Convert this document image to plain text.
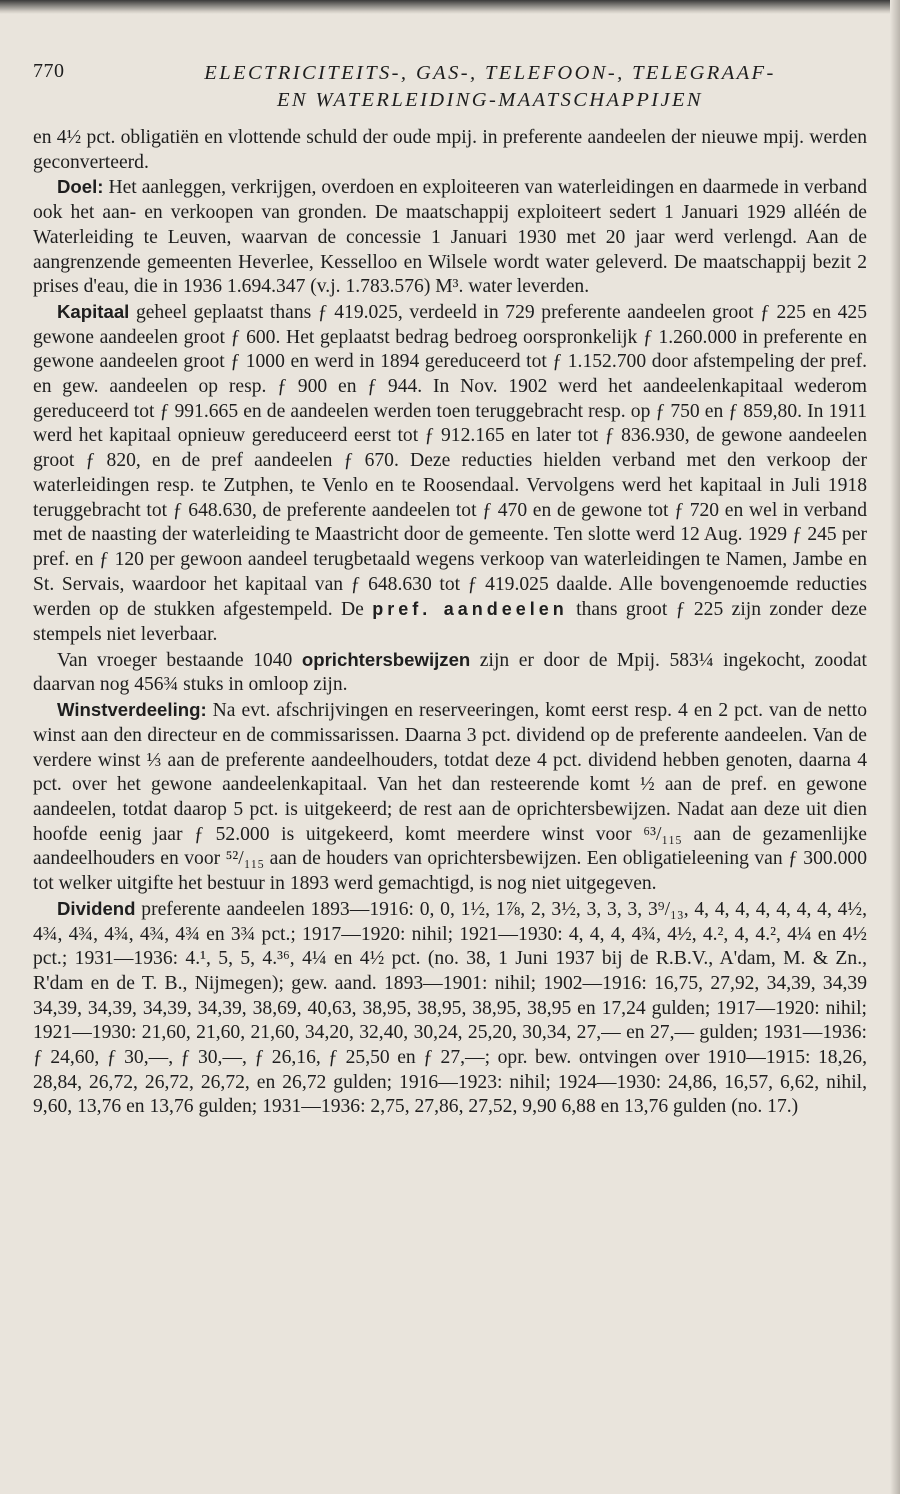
770	ELECTRICITEITS-, GAS-, TELEFOON-, TELEGRAAF-
EN WATERLEIDING-MAATSCHAPPIJEN

en 4½ pct. obligatiën en vlottende schuld der oude mpij. in preferente aandeelen der nieuwe mpij. werden geconverteerd.

Doel: Het aanleggen, verkrijgen, overdoen en exploiteeren van waterleidingen en daarmede in verband ook het aan- en verkoopen van gronden. De maatschappij exploiteert sedert 1 Januari 1929 alléén de Waterleiding te Leuven, waarvan de concessie 1 Januari 1930 met 20 jaar werd verlengd. Aan de aangrenzende gemeenten Heverlee, Kesselloo en Wilsele wordt water geleverd. De maatschappij bezit 2 prises d'eau, die in 1936 1.694.347 (v.j. 1.783.576) M³. water leverden.

Kapitaal geheel geplaatst thans ƒ 419.025, verdeeld in 729 preferente aandeelen groot ƒ 225 en 425 gewone aandeelen groot ƒ 600. Het geplaatst bedrag bedroeg oorspronkelijk ƒ 1.260.000 in preferente en gewone aandeelen groot ƒ 1000 en werd in 1894 gereduceerd tot ƒ 1.152.700 door afstempeling der pref. en gew. aandeelen op resp. ƒ 900 en ƒ 944. In Nov. 1902 werd het aandeelenkapitaal wederom gereduceerd tot ƒ 991.665 en de aandeelen werden toen teruggebracht resp. op ƒ 750 en ƒ 859,80. In 1911 werd het kapitaal opnieuw gereduceerd eerst tot ƒ 912.165 en later tot ƒ 836.930, de gewone aandeelen groot ƒ 820, en de pref aandeelen ƒ 670. Deze reducties hielden verband met den verkoop der waterleidingen resp. te Zutphen, te Venlo en te Roosendaal. Vervolgens werd het kapitaal in Juli 1918 teruggebracht tot ƒ 648.630, de preferente aandeelen tot ƒ 470 en de gewone tot ƒ 720 en wel in verband met de naasting der waterleiding te Maastricht door de gemeente. Ten slotte werd 12 Aug. 1929 ƒ 245 per pref. en ƒ 120 per gewoon aandeel terugbetaald wegens verkoop van waterleidingen te Namen, Jambe en St. Servais, waardoor het kapitaal van ƒ 648.630 tot ƒ 419.025 daalde. Alle bovengenoemde reducties werden op de stukken afgestempeld. De pref. aandeelen thans groot ƒ 225 zijn zonder deze stempels niet leverbaar.

Van vroeger bestaande 1040 oprichtersbewijzen zijn er door de Mpij. 583¼ ingekocht, zoodat daarvan nog 456¾ stuks in omloop zijn.

Winstverdeeling: Na evt. afschrijvingen en reserveeringen, komt eerst resp. 4 en 2 pct. van de netto winst aan den directeur en de commissarissen. Daarna 3 pct. dividend op de preferente aandeelen. Van de verdere winst ⅓ aan de preferente aandeelhouders, totdat deze 4 pct. dividend hebben genoten, daarna 4 pct. over het gewone aandeelenkapitaal. Van het dan resteerende komt ½ aan de pref. en gewone aandeelen, totdat daarop 5 pct. is uitgekeerd; de rest aan de oprichtersbewijzen. Nadat aan deze uit dien hoofde eenig jaar ƒ 52.000 is uitgekeerd, komt meerdere winst voor ⁶³/₁₁₅ aan de gezamenlijke aandeelhouders en voor ⁵²/₁₁₅ aan de houders van oprichtersbewijzen. Een obligatieleening van ƒ 300.000 tot welker uitgifte het bestuur in 1893 werd gemachtigd, is nog niet uitgegeven.

Dividend preferente aandeelen 1893—1916: 0, 0, 1½, 1⅞, 2, 3½, 3, 3, 3, 3⁹/₁₃, 4, 4, 4, 4, 4, 4, 4, 4½, 4¾, 4¾, 4¾, 4¾, 4¾ en 3¾ pct.; 1917—1920: nihil; 1921—1930: 4, 4, 4, 4¾, 4½, 4.², 4, 4.², 4¼ en 4½ pct.; 1931—1936: 4.¹, 5, 5, 4.³⁶, 4¼ en 4½ pct. (no. 38, 1 Juni 1937 bij de R.B.V., A'dam, M. & Zn., R'dam en de T. B., Nijmegen); gew. aand. 1893—1901: nihil; 1902—1916: 16,75, 27,92, 34,39, 34,39 34,39, 34,39, 34,39, 34,39, 38,69, 40,63, 38,95, 38,95, 38,95, 38,95 en 17,24 gulden; 1917—1920: nihil; 1921—1930: 21,60, 21,60, 21,60, 34,20, 32,40, 30,24, 25,20, 30,34, 27,— en 27,— gulden; 1931—1936: ƒ 24,60, ƒ 30,—, ƒ 30,—, ƒ 26,16, ƒ 25,50 en ƒ 27,—; opr. bew. ontvingen over 1910—1915: 18,26, 28,84, 26,72, 26,72, 26,72, en 26,72 gulden; 1916—1923: nihil; 1924—1930: 24,86, 16,57, 6,62, nihil, 9,60, 13,76 en 13,76 gulden; 1931—1936: 2,75, 27,86, 27,52, 9,90 6,88 en 13,76 gulden (no. 17.)
